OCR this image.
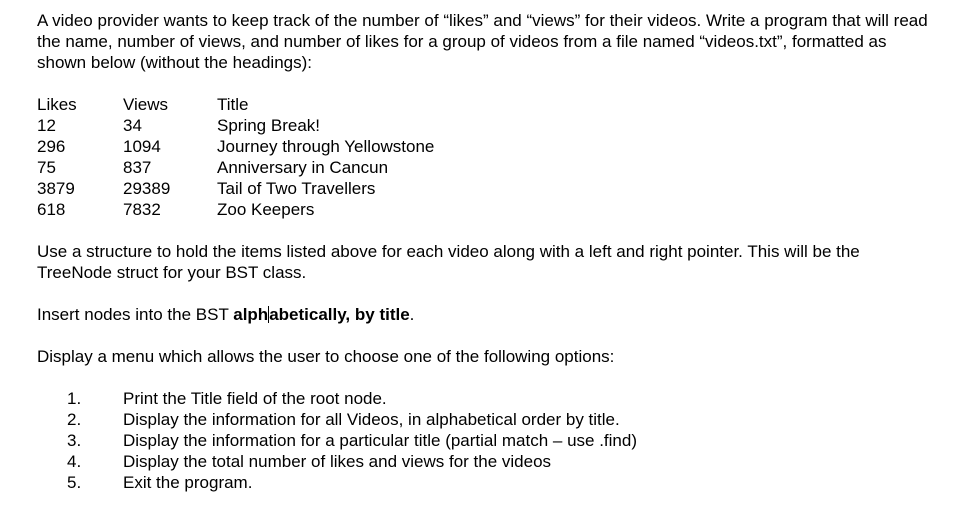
A video provider wants to keep track of the number of “likes” and “views” for their videos. Write a program that will read the name, number of views, and number of likes for a group of videos from a file named “videos.txt”, formatted as shown below (without the headings):

Likes	Views	Title
12	34	Spring Break!
296	1094	Journey through Yellowstone
75	837	Anniversary in Cancun
3879	29389	Tail of Two Travellers
618	7832	Zoo Keepers

Use a structure to hold the items listed above for each video along with a left and right pointer. This will be the TreeNode struct for your BST class.

Insert nodes into the BST alphabetically, by title.

Display a menu which allows the user to choose one of the following options:

1.	Print the Title field of the root node.
2.	Display the information for all Videos, in alphabetical order by title.
3.	Display the information for a particular title (partial match – use .find)
4.	Display the total number of likes and views for the videos
5.	Exit the program.
